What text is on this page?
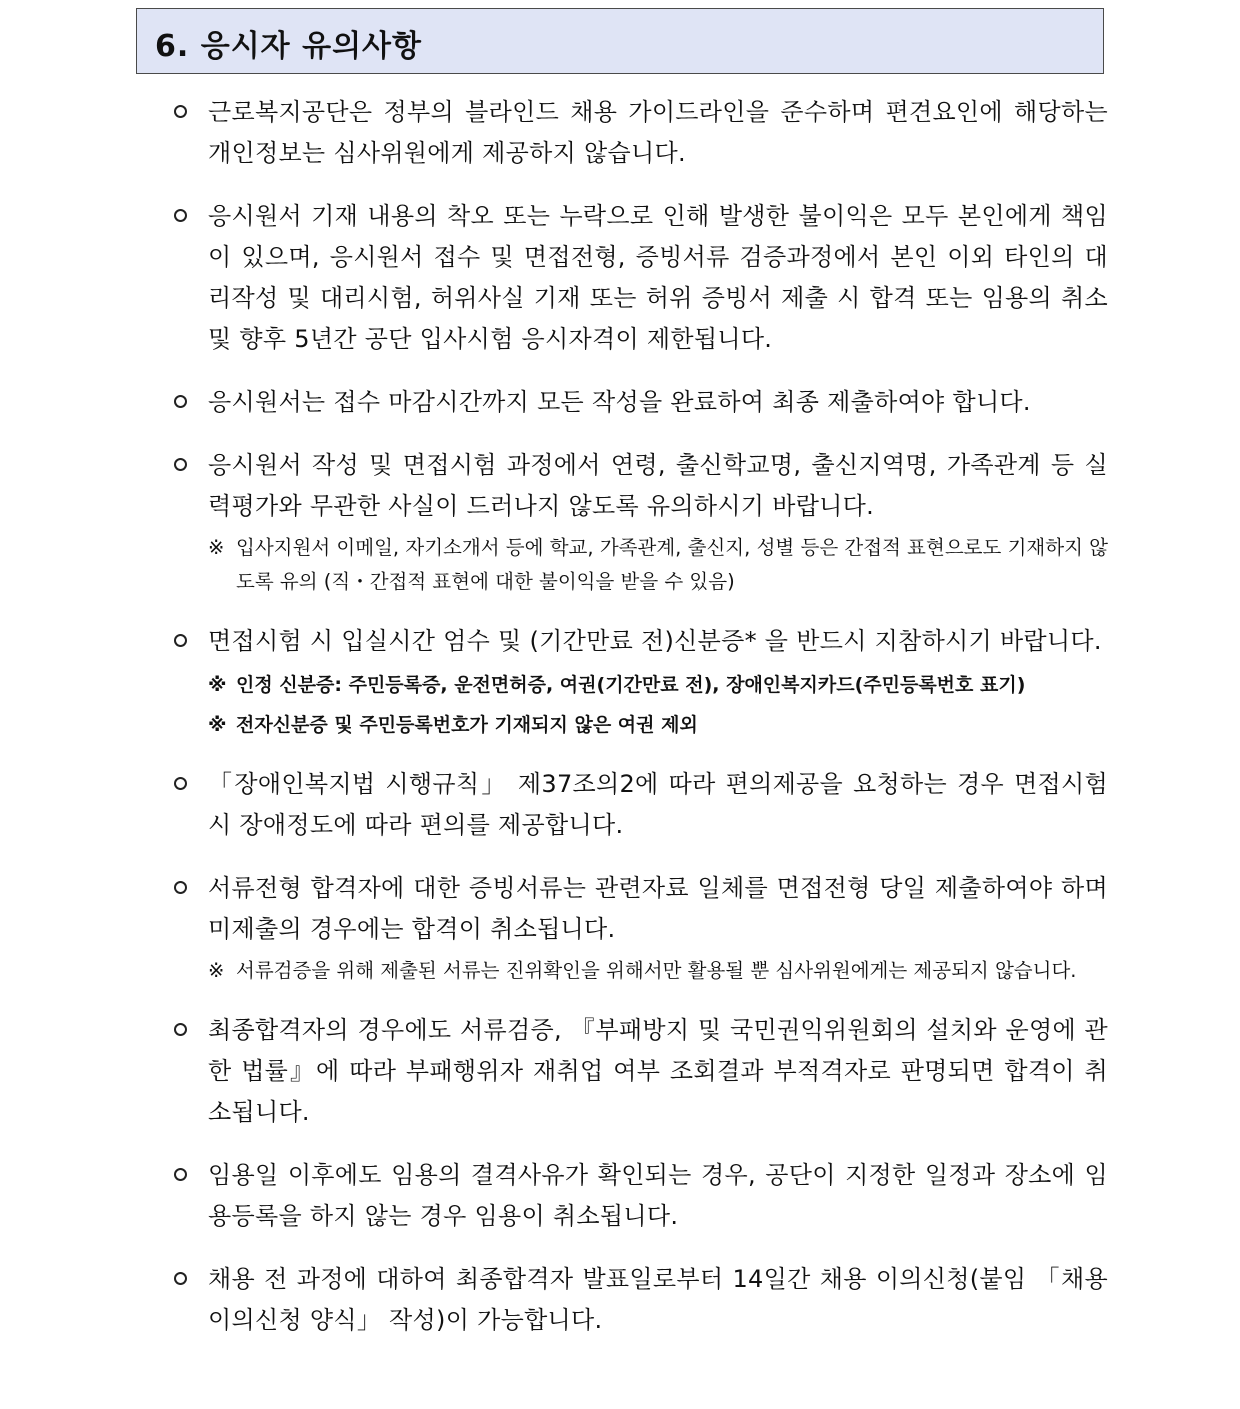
6. 응시자 유의사항
근로복지공단은 정부의 블라인드 채용 가이드라인을 준수하며 편견요인에 해당하는 개인정보는 심사위원에게 제공하지 않습니다.
응시원서 기재 내용의 착오 또는 누락으로 인해 발생한 불이익은 모두 본인에게 책임이 있으며, 응시원서 접수 및 면접전형, 증빙서류 검증과정에서 본인 이외 타인의 대리작성 및 대리시험, 허위사실 기재 또는 허위 증빙서 제출 시 합격 또는 임용의 취소 및 향후 5년간 공단 입사시험 응시자격이 제한됩니다.
응시원서는 접수 마감시간까지 모든 작성을 완료하여 최종 제출하여야 합니다.
응시원서 작성 및 면접시험 과정에서 연령, 출신학교명, 출신지역명, 가족관계 등 실력평가와 무관한 사실이 드러나지 않도록 유의하시기 바랍니다.
※ 입사지원서 이메일, 자기소개서 등에 학교, 가족관계, 출신지, 성별 등은 간접적 표현으로도 기재하지 않도록 유의 (직・간접적 표현에 대한 불이익을 받을 수 있음)
면접시험 시 입실시간 엄수 및 (기간만료 전)신분증* 을 반드시 지참하시기 바랍니다.
※ 인정 신분증: 주민등록증, 운전면허증, 여권(기간만료 전), 장애인복지카드(주민등록번호 표기)
※ 전자신분증 및 주민등록번호가 기재되지 않은 여권 제외
「장애인복지법 시행규칙」 제37조의2에 따라 편의제공을 요청하는 경우 면접시험 시 장애정도에 따라 편의를 제공합니다.
서류전형 합격자에 대한 증빙서류는 관련자료 일체를 면접전형 당일 제출하여야 하며 미제출의 경우에는 합격이 취소됩니다.
※ 서류검증을 위해 제출된 서류는 진위확인을 위해서만 활용될 뿐 심사위원에게는 제공되지 않습니다.
최종합격자의 경우에도 서류검증, 『부패방지 및 국민권익위원회의 설치와 운영에 관한 법률』에 따라 부패행위자 재취업 여부 조회결과 부적격자로 판명되면 합격이 취소됩니다.
임용일 이후에도 임용의 결격사유가 확인되는 경우, 공단이 지정한 일정과 장소에 임용등록을 하지 않는 경우 임용이 취소됩니다.
채용 전 과정에 대하여 최종합격자 발표일로부터 14일간 채용 이의신청(붙임 「채용 이의신청 양식」 작성)이 가능합니다.
